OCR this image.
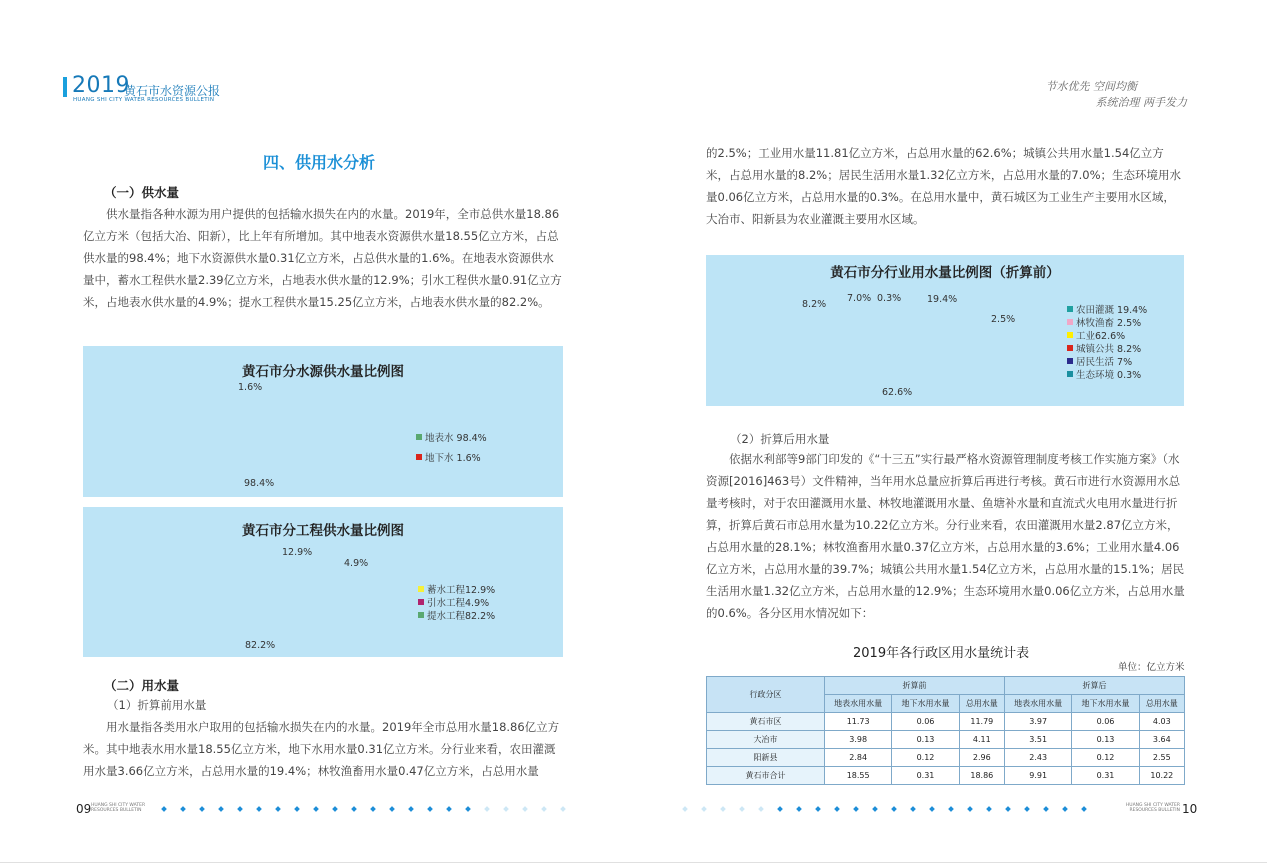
2019
黄石市水资源公报
HUANG SHI CITY WATER RESOURCES BULLETIN
节水优先 空间均衡
系统治理 两手发力
四、供用水分析
（一）供水量

供水量指各种水源为用户提供的包括输水损失在内的水量。2019年，全市总供水量18.86亿立方米（包括大冶、阳新），比上年有所增加。其中地表水资源供水量18.55亿立方米，占总供水量的98.4%；地下水资源供水量0.31亿立方米，占总供水量的1.6%。在地表水资源供水量中，蓄水工程供水量2.39亿立方米，占地表水供水量的12.9%；引水工程供水量0.91亿立方米，占地表水供水量的4.9%；提水工程供水量15.25亿立方米，占地表水供水量的82.2%。

黄石市分水源供水量比例图
1.6%
98.4%
地表水 98.4%
地下水 1.6%
黄石市分工程供水量比例图
12.9%
4.9%
82.2%
蓄水工程12.9%
引水工程4.9%
提水工程82.2%
（二）用水量
（1）折算前用水量

用水量指各类用水户取用的包括输水损失在内的水量。2019年全市总用水量18.86亿立方米。其中地表水用水量18.55亿立方米，地下水用水量0.31亿立方米。分行业来看，农田灌溉用水量3.66亿立方米，占总用水量的19.4%；林牧渔畜用水量0.47亿立方米，占总用水量

的2.5%；工业用水量11.81亿立方米，占总用水量的62.6%；城镇公共用水量1.54亿立方米，占总用水量的8.2%；居民生活用水量1.32亿立方米，占总用水量的7.0%；生态环境用水量0.06亿立方米，占总用水量的0.3%。在总用水量中，黄石城区为工业生产主要用水区域，大冶市、阳新县为农业灌溉主要用水区域。

黄石市分行业用水量比例图（折算前）
8.2%
7.0% 0.3%	19.4%
2.5%
62.6%
农田灌溉 19.4%
林牧渔畜 2.5%
工业62.6%
城镇公共 8.2%
居民生活 7%
生态环境 0.3%
（2）折算后用水量

依据水利部等9部门印发的《“十三五”实行最严格水资源管理制度考核工作实施方案》（水资源[2016]463号）文件精神，当年用水总量应折算后再进行考核。黄石市进行水资源用水总量考核时，对于农田灌溉用水量、林牧地灌溉用水量、鱼塘补水量和直流式火电用水量进行折算，折算后黄石市总用水量为10.22亿立方米。分行业来看，农田灌溉用水量2.87亿立方米，占总用水量的28.1%；林牧渔畜用水量0.37亿立方米，占总用水量的3.6%；工业用水量4.06亿立方米，占总用水量的39.7%；城镇公共用水量1.54亿立方米，占总用水量的15.1%；居民生活用水量1.32亿立方米，占总用水量的12.9%；生态环境用水量0.06亿立方米，占总用水量的0.6%。各分区用水情况如下：

2019年各行政区用水量统计表
单位：亿立方米
行政分区	折算前			折算后		
	地表水用水量	地下水用水量	总用水量	地表水用水量	地下水用水量	总用水量
黄石市区	11.73	0.06	11.79	3.97	0.06	4.03
大冶市	3.98	0.13	4.11	3.51	0.13	3.64
阳新县	2.84	0.12	2.96	2.43	0.12	2.55
黄石市合计	18.55	0.31	18.86	9.91	0.31	10.22
09 HUANG SHI CITY WATER
RESOURCES BULLETIN
HUANG SHI CITY WATER
RESOURCES BULLETIN 10
